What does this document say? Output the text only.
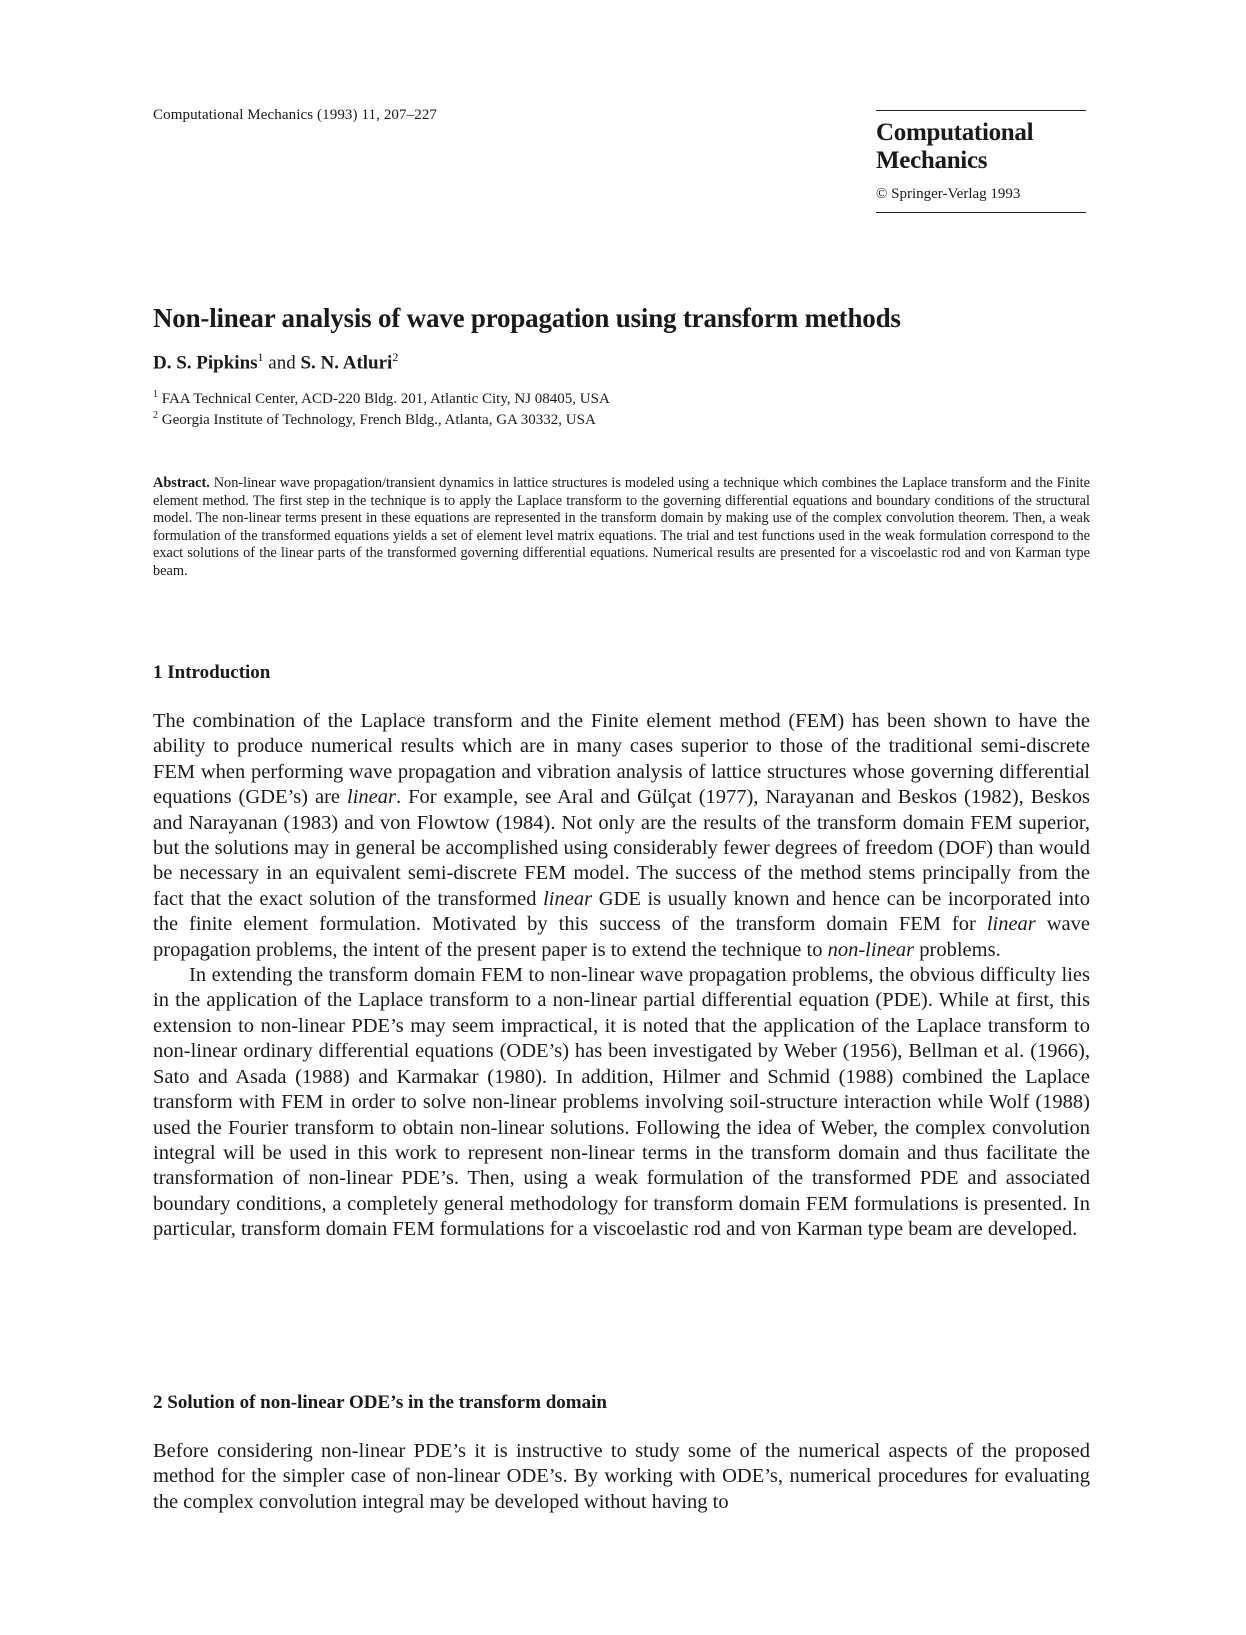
Computational Mechanics (1993) 11, 207–227
Computational
Mechanics
© Springer-Verlag 1993
Non-linear analysis of wave propagation using transform methods
D. S. Pipkins$^1$ and S. N. Atluri$^2$
$^1$ FAA Technical Center, ACD-220 Bldg. 201, Atlantic City, NJ 08405, USA
$^2$ Georgia Institute of Technology, French Bldg., Atlanta, GA 30332, USA
Abstract. Non-linear wave propagation/transient dynamics in lattice structures is modeled using a technique which combines the Laplace transform and the Finite element method. The first step in the technique is to apply the Laplace transform to the governing differential equations and boundary conditions of the structural model. The non-linear terms present in these equations are represented in the transform domain by making use of the complex convolution theorem. Then, a weak formulation of the transformed equations yields a set of element level matrix equations. The trial and test functions used in the weak formulation correspond to the exact solutions of the linear parts of the transformed governing differential equations. Numerical results are presented for a viscoelastic rod and von Karman type beam.
1 Introduction

The combination of the Laplace transform and the Finite element method (FEM) has been shown to have the ability to produce numerical results which are in many cases superior to those of the traditional semi-discrete FEM when performing wave propagation and vibration analysis of lattice structures whose governing differential equations (GDE’s) are linear. For example, see Aral and Gülçat (1977), Narayanan and Beskos (1982), Beskos and Narayanan (1983) and von Flowtow (1984). Not only are the results of the transform domain FEM superior, but the solutions may in general be accomplished using considerably fewer degrees of freedom (DOF) than would be necessary in an equivalent semi-discrete FEM model. The success of the method stems principally from the fact that the exact solution of the transformed linear GDE is usually known and hence can be incorporated into the finite element formulation. Motivated by this success of the transform domain FEM for linear wave propagation problems, the intent of the present paper is to extend the technique to non-linear problems.

In extending the transform domain FEM to non-linear wave propagation problems, the obvious difficulty lies in the application of the Laplace transform to a non-linear partial differential equation (PDE). While at first, this extension to non-linear PDE’s may seem impractical, it is noted that the application of the Laplace transform to non-linear ordinary differential equations (ODE’s) has been investigated by Weber (1956), Bellman et al. (1966), Sato and Asada (1988) and Karmakar (1980). In addition, Hilmer and Schmid (1988) combined the Laplace transform with FEM in order to solve non-linear problems involving soil-structure interaction while Wolf (1988) used the Fourier transform to obtain non-linear solutions. Following the idea of Weber, the complex convolution integral will be used in this work to represent non-linear terms in the transform domain and thus facilitate the transformation of non-linear PDE’s. Then, using a weak formulation of the transformed PDE and associated boundary conditions, a completely general methodology for transform domain FEM formulations is presented. In particular, transform domain FEM formulations for a viscoelastic rod and von Karman type beam are developed.

2 Solution of non-linear ODE’s in the transform domain

Before considering non-linear PDE’s it is instructive to study some of the numerical aspects of the proposed method for the simpler case of non-linear ODE’s. By working with ODE’s, numerical procedures for evaluating the complex convolution integral may be developed without having to
